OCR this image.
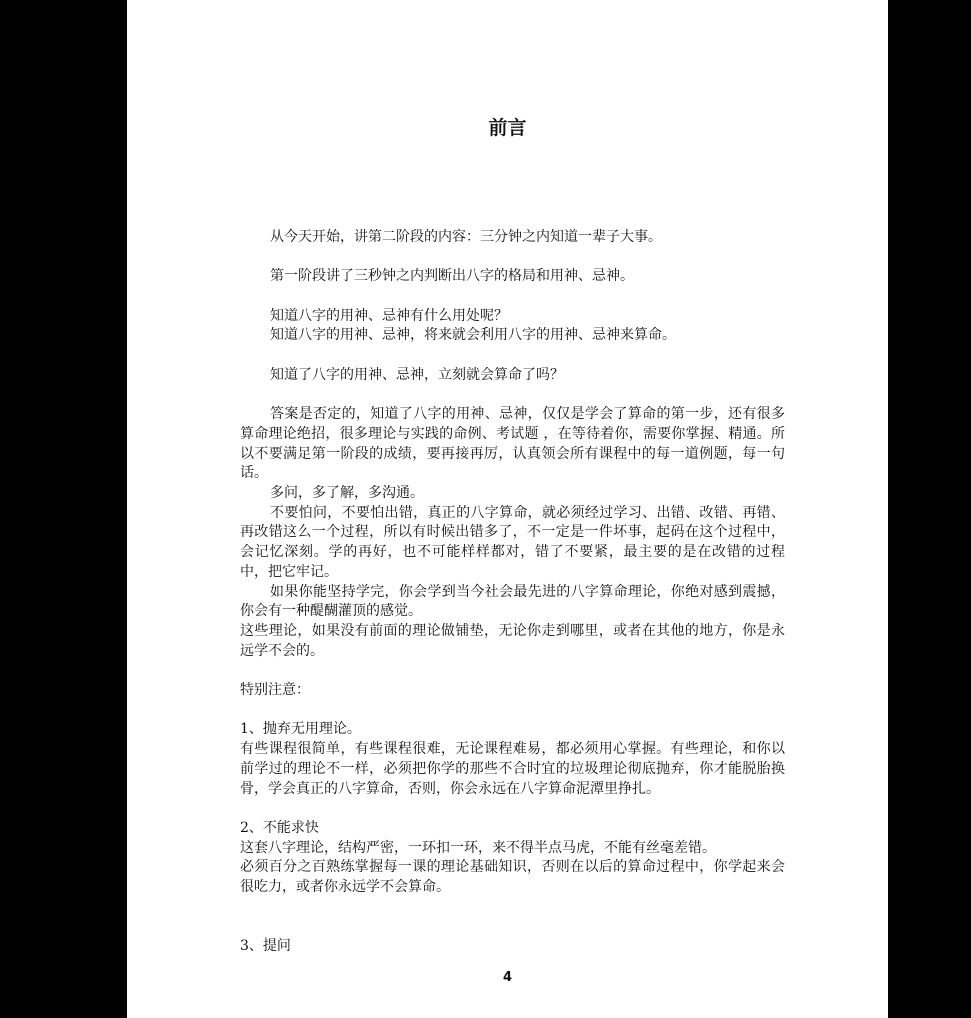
前言

从今天开始，讲第二阶段的内容：三分钟之内知道一辈子大事。

第一阶段讲了三秒钟之内判断出八字的格局和用神、忌神。

知道八字的用神、忌神有什么用处呢？

知道八字的用神、忌神，将来就会利用八字的用神、忌神来算命。

知道了八字的用神、忌神，立刻就会算命了吗？

答案是否定的，知道了八字的用神、忌神，仅仅是学会了算命的第一步，还有很多算命理论绝招，很多理论与实践的命例、考试题 ，在等待着你，需要你掌握、精通。所以不要满足第一阶段的成绩，要再接再厉，认真领会所有课程中的每一道例题，每一句话。

多问，多了解，多沟通。

不要怕问，不要怕出错，真正的八字算命，就必须经过学习、出错、改错、再错、再改错这么一个过程，所以有时候出错多了，不一定是一件坏事，起码在这个过程中，会记忆深刻。学的再好，也不可能样样都对，错了不要紧，最主要的是在改错的过程中，把它牢记。

如果你能坚持学完，你会学到当今社会最先进的八字算命理论，你绝对感到震撼，你会有一种醍醐灌顶的感觉。

这些理论，如果没有前面的理论做铺垫，无论你走到哪里，或者在其他的地方，你是永远学不会的。

特别注意：

1、抛弃无用理论。

有些课程很简单，有些课程很难，无论课程难易，都必须用心掌握。有些理论，和你以前学过的理论不一样，必须把你学的那些不合时宜的垃圾理论彻底抛弃，你才能脱胎换骨，学会真正的八字算命，否则，你会永远在八字算命泥潭里挣扎。

2、不能求快

这套八字理论，结构严密，一环扣一环，来不得半点马虎，不能有丝毫差错。

必须百分之百熟练掌握每一课的理论基础知识，否则在以后的算命过程中，你学起来会很吃力，或者你永远学不会算命。

3、提问

4
